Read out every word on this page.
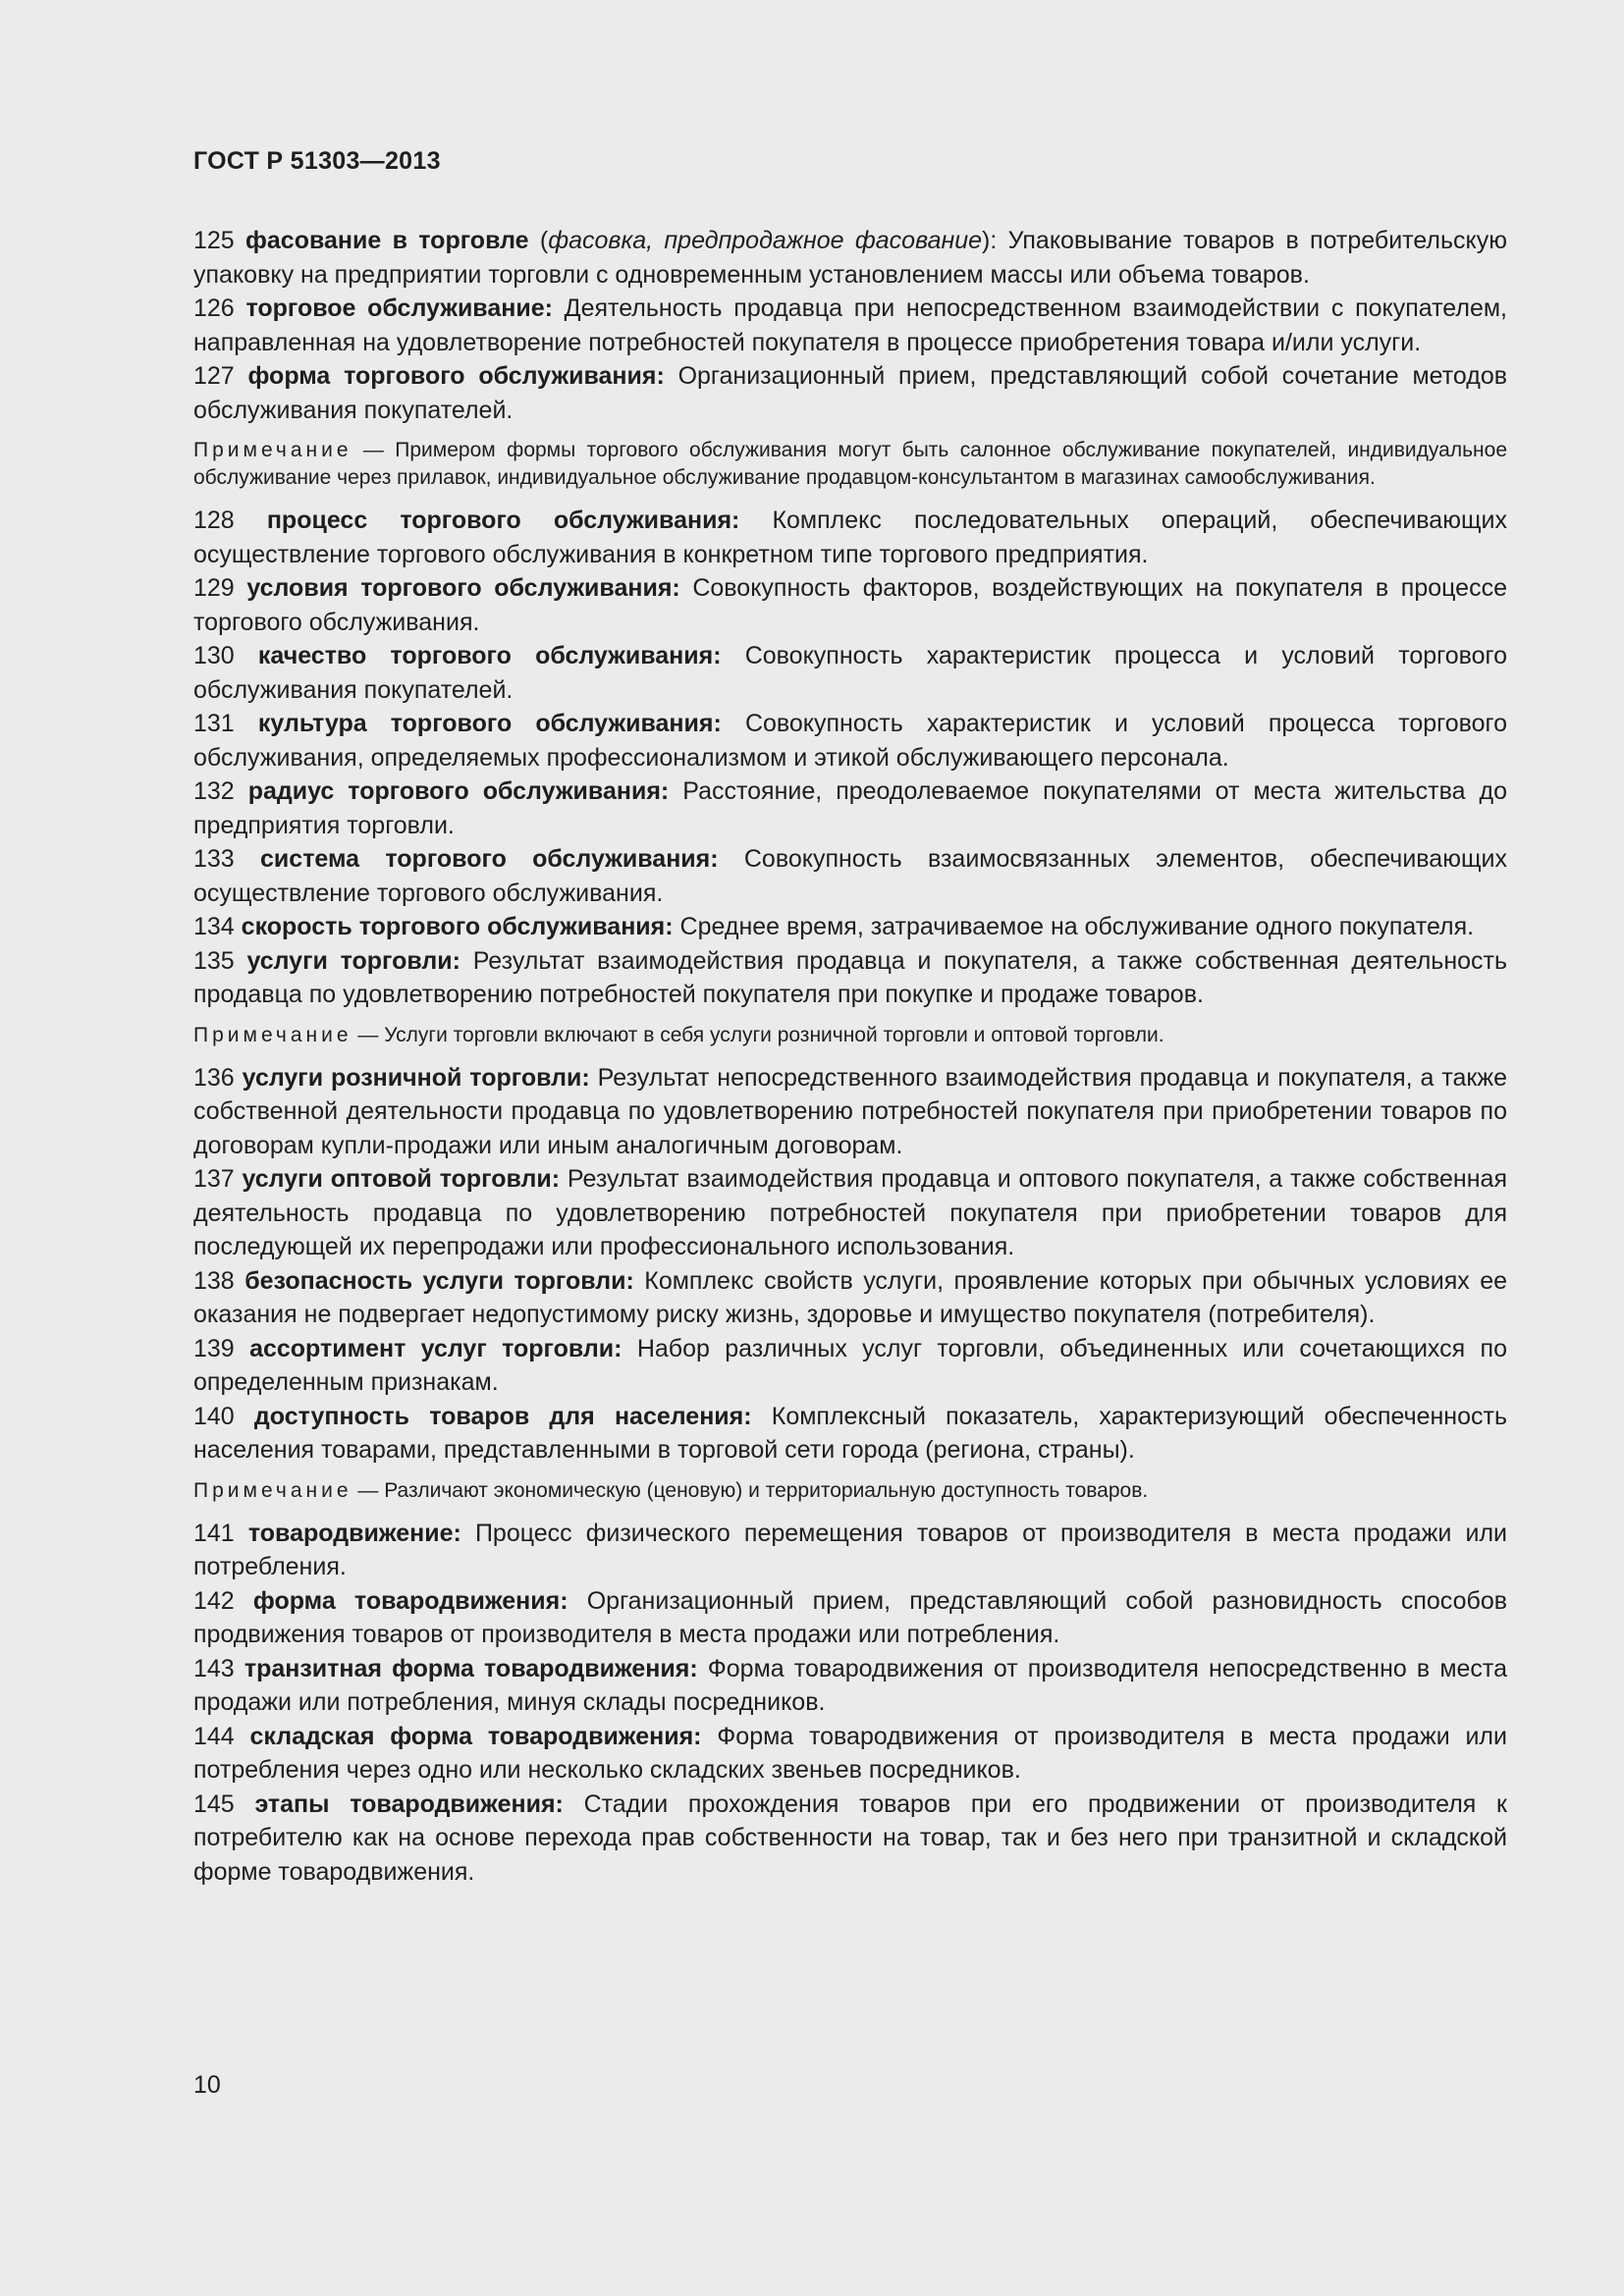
ГОСТ Р 51303—2013

125 фасование в торговле (фасовка, предпродажное фасование): Упаковывание товаров в потребительскую упаковку на предприятии торговли с одновременным установлением массы или объема товаров.

126 торговое обслуживание: Деятельность продавца при непосредственном взаимодействии с покупателем, направленная на удовлетворение потребностей покупателя в процессе приобретения товара и/или услуги.

127 форма торгового обслуживания: Организационный прием, представляющий собой сочетание методов обслуживания покупателей.

Примечание — Примером формы торгового обслуживания могут быть салонное обслуживание покупателей, индивидуальное обслуживание через прилавок, индивидуальное обслуживание продавцом-консультантом в магазинах самообслуживания.

128 процесс торгового обслуживания: Комплекс последовательных операций, обеспечивающих осуществление торгового обслуживания в конкретном типе торгового предприятия.

129 условия торгового обслуживания: Совокупность факторов, воздействующих на покупателя в процессе торгового обслуживания.

130 качество торгового обслуживания: Совокупность характеристик процесса и условий торгового обслуживания покупателей.

131 культура торгового обслуживания: Совокупность характеристик и условий процесса торгового обслуживания, определяемых профессионализмом и этикой обслуживающего персонала.

132 радиус торгового обслуживания: Расстояние, преодолеваемое покупателями от места жительства до предприятия торговли.

133 система торгового обслуживания: Совокупность взаимосвязанных элементов, обеспечивающих осуществление торгового обслуживания.

134 скорость торгового обслуживания: Среднее время, затрачиваемое на обслуживание одного покупателя.

135 услуги торговли: Результат взаимодействия продавца и покупателя, а также собственная деятельность продавца по удовлетворению потребностей покупателя при покупке и продаже товаров.

Примечание — Услуги торговли включают в себя услуги розничной торговли и оптовой торговли.

136 услуги розничной торговли: Результат непосредственного взаимодействия продавца и покупателя, а также собственной деятельности продавца по удовлетворению потребностей покупателя при приобретении товаров по договорам купли-продажи или иным аналогичным договорам.

137 услуги оптовой торговли: Результат взаимодействия продавца и оптового покупателя, а также собственная деятельность продавца по удовлетворению потребностей покупателя при приобретении товаров для последующей их перепродажи или профессионального использования.

138 безопасность услуги торговли: Комплекс свойств услуги, проявление которых при обычных условиях ее оказания не подвергает недопустимому риску жизнь, здоровье и имущество покупателя (потребителя).

139 ассортимент услуг торговли: Набор различных услуг торговли, объединенных или сочетающихся по определенным признакам.

140 доступность товаров для населения: Комплексный показатель, характеризующий обеспеченность населения товарами, представленными в торговой сети города (региона, страны).

Примечание — Различают экономическую (ценовую) и территориальную доступность товаров.

141 товародвижение: Процесс физического перемещения товаров от производителя в места продажи или потребления.

142 форма товародвижения: Организационный прием, представляющий собой разновидность способов продвижения товаров от производителя в места продажи или потребления.

143 транзитная форма товародвижения: Форма товародвижения от производителя непосредственно в места продажи или потребления, минуя склады посредников.

144 складская форма товародвижения: Форма товародвижения от производителя в места продажи или потребления через одно или несколько складских звеньев посредников.

145 этапы товародвижения: Стадии прохождения товаров при его продвижении от производителя к потребителю как на основе перехода прав собственности на товар, так и без него при транзитной и складской форме товародвижения.

10
